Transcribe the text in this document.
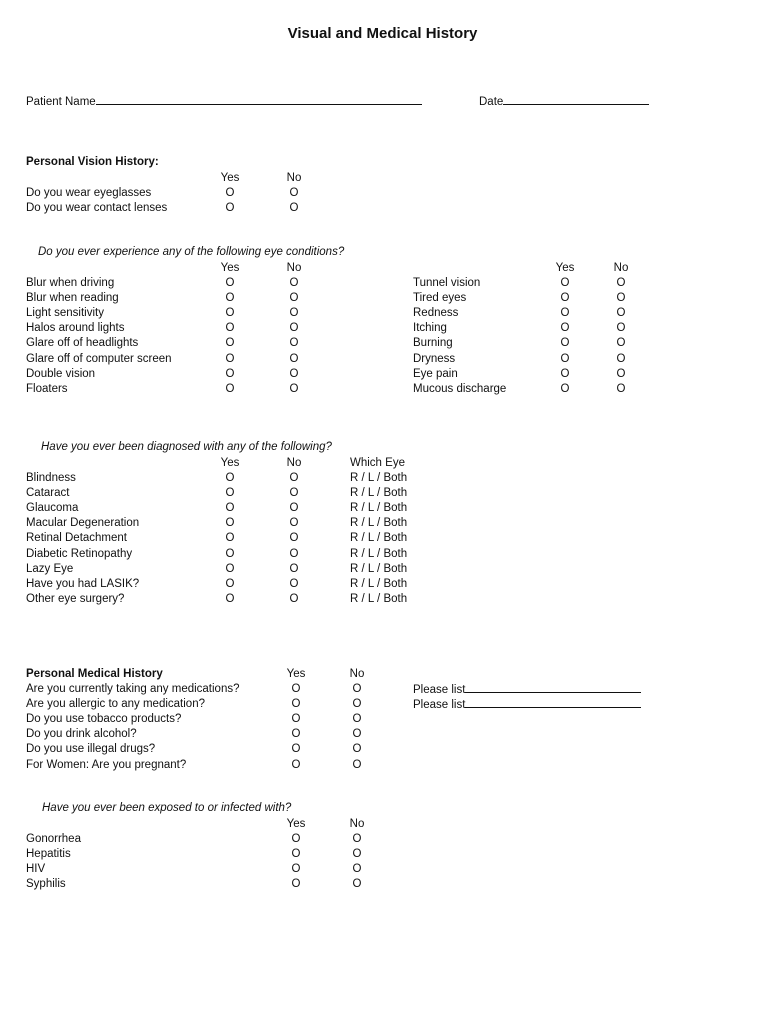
Visual and Medical History
Patient Name	Date
Personal Vision History:

Do you wear eyeglasses
Do you wear contact lenses
Yes
O
O
No
O
O
Do you ever experience any of the following eye conditions?

Blur when driving
Blur when reading
Light sensitivity
Halos around lights
Glare off of headlights
Glare off of computer screen
Double vision
Floaters
Yes
O
O
O
O
O
O
O
O
No
O
O
O
O
O
O
O
O

Tunnel vision
Tired eyes
Redness
Itching
Burning
Dryness
Eye pain
Mucous discharge
Yes
O
O
O
O
O
O
O
O
No
O
O
O
O
O
O
O
O
Have you ever been diagnosed with any of the following?

Blindness
Cataract
Glaucoma
Macular Degeneration
Retinal Detachment
Diabetic Retinopathy
Lazy Eye
Have you had LASIK?
Other eye surgery?
Yes
O
O
O
O
O
O
O
O
O
No
O
O
O
O
O
O
O
O
O
Which Eye
R / L / Both
R / L / Both
R / L / Both
R / L / Both
R / L / Both
R / L / Both
R / L / Both
R / L / Both
R / L / Both
Personal Medical History
Are you currently taking any medications?
Are you allergic to any medication?
Do you use tobacco products?
Do you drink alcohol?
Do you use illegal drugs?
For Women: Are you pregnant?
Yes
O
O
O
O
O
O
No
O
O
O
O
O
O
Please list
Please list
Have you ever been exposed to or infected with?

Gonorrhea
Hepatitis
HIV
Syphilis
Yes
O
O
O
O
No
O
O
O
O
